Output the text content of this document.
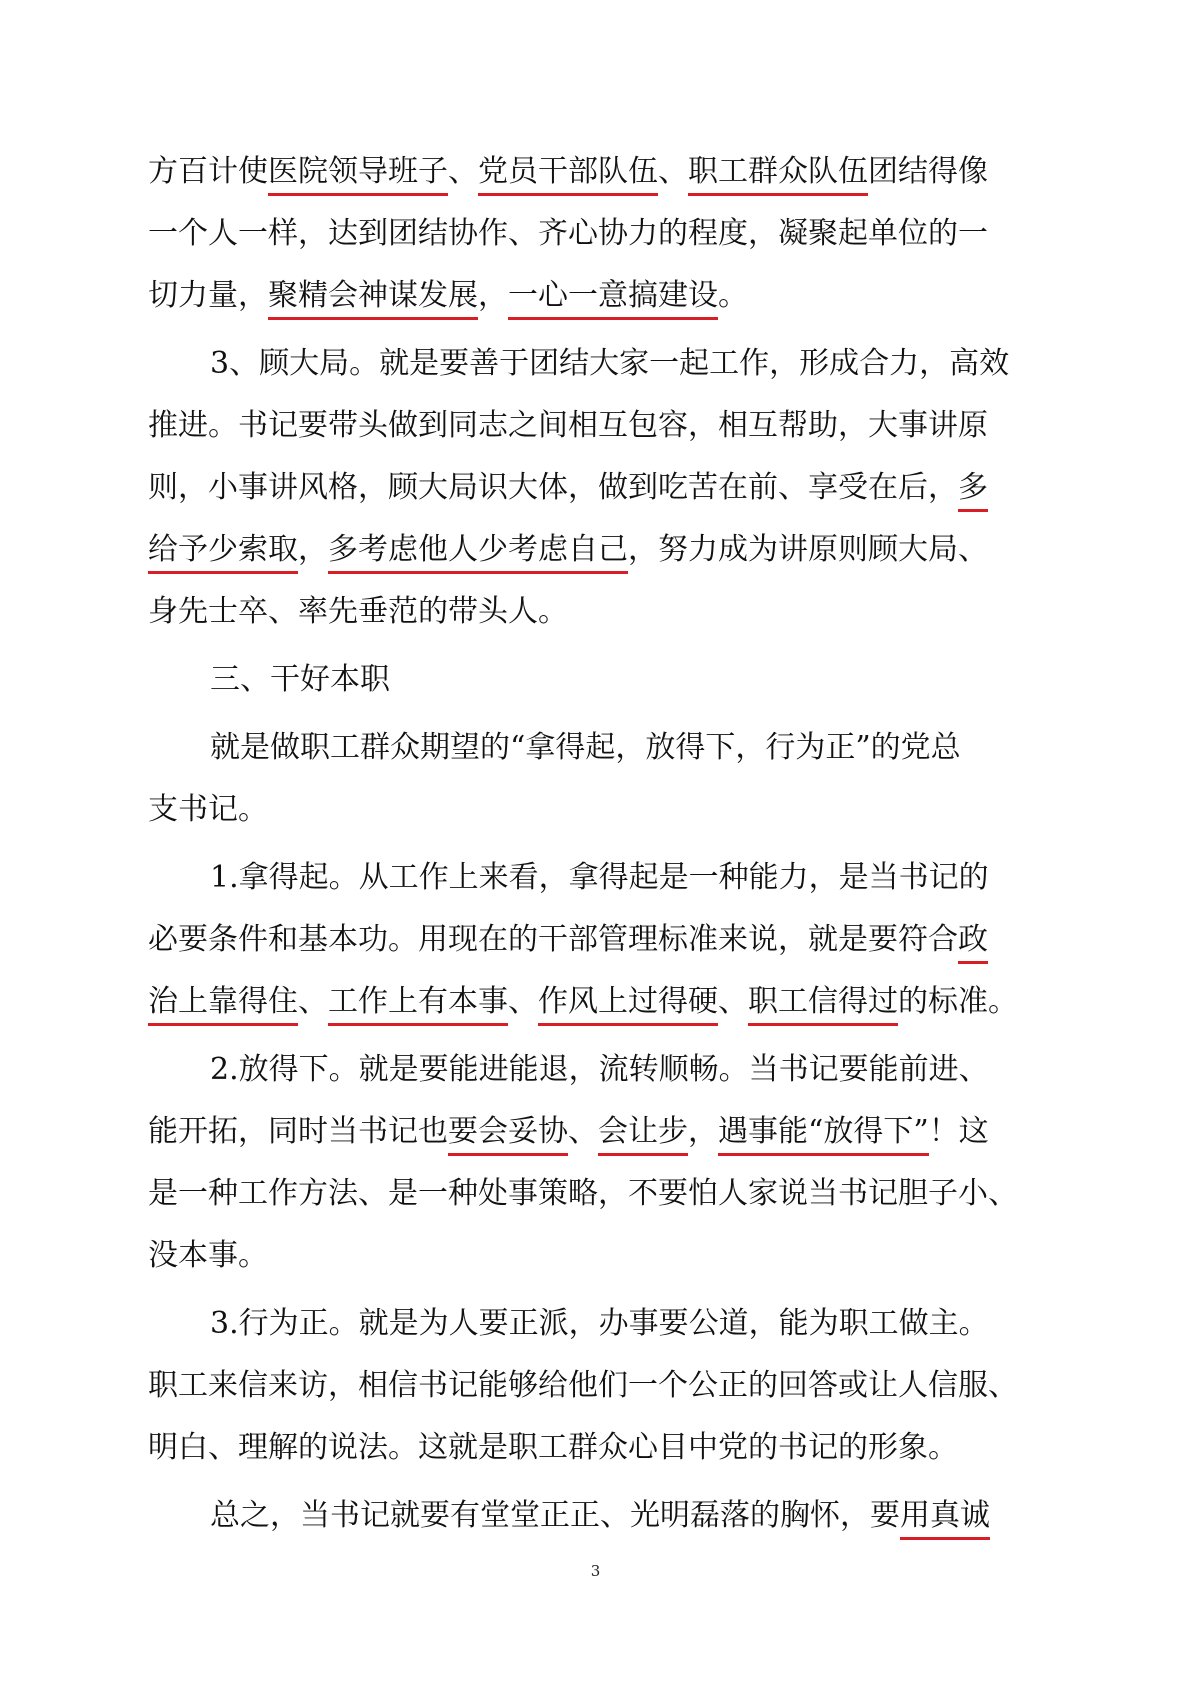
方百计使医院领导班子、党员干部队伍、职工群众队伍团结得像
一个人一样，达到团结协作、齐心协力的程度，凝聚起单位的一
切力量，聚精会神谋发展，一心一意搞建设。
3、顾大局。就是要善于团结大家一起工作，形成合力，高效
推进。书记要带头做到同志之间相互包容，相互帮助，大事讲原
则，小事讲风格，顾大局识大体，做到吃苦在前、享受在后，多
给予少索取，多考虑他人少考虑自己，努力成为讲原则顾大局、
身先士卒、率先垂范的带头人。
三、干好本职
就是做职工群众期望的“拿得起，放得下，行为正”的党总
支书记。
1.拿得起。从工作上来看，拿得起是一种能力，是当书记的
必要条件和基本功。用现在的干部管理标准来说，就是要符合政
治上靠得住、工作上有本事、作风上过得硬、职工信得过的标准。
2.放得下。就是要能进能退，流转顺畅。当书记要能前进、
能开拓，同时当书记也要会妥协、会让步，遇事能“放得下”！这
是一种工作方法、是一种处事策略，不要怕人家说当书记胆子小、
没本事。
3.行为正。就是为人要正派，办事要公道，能为职工做主。
职工来信来访，相信书记能够给他们一个公正的回答或让人信服、
明白、理解的说法。这就是职工群众心目中党的书记的形象。
总之，当书记就要有堂堂正正、光明磊落的胸怀，要用真诚
3
